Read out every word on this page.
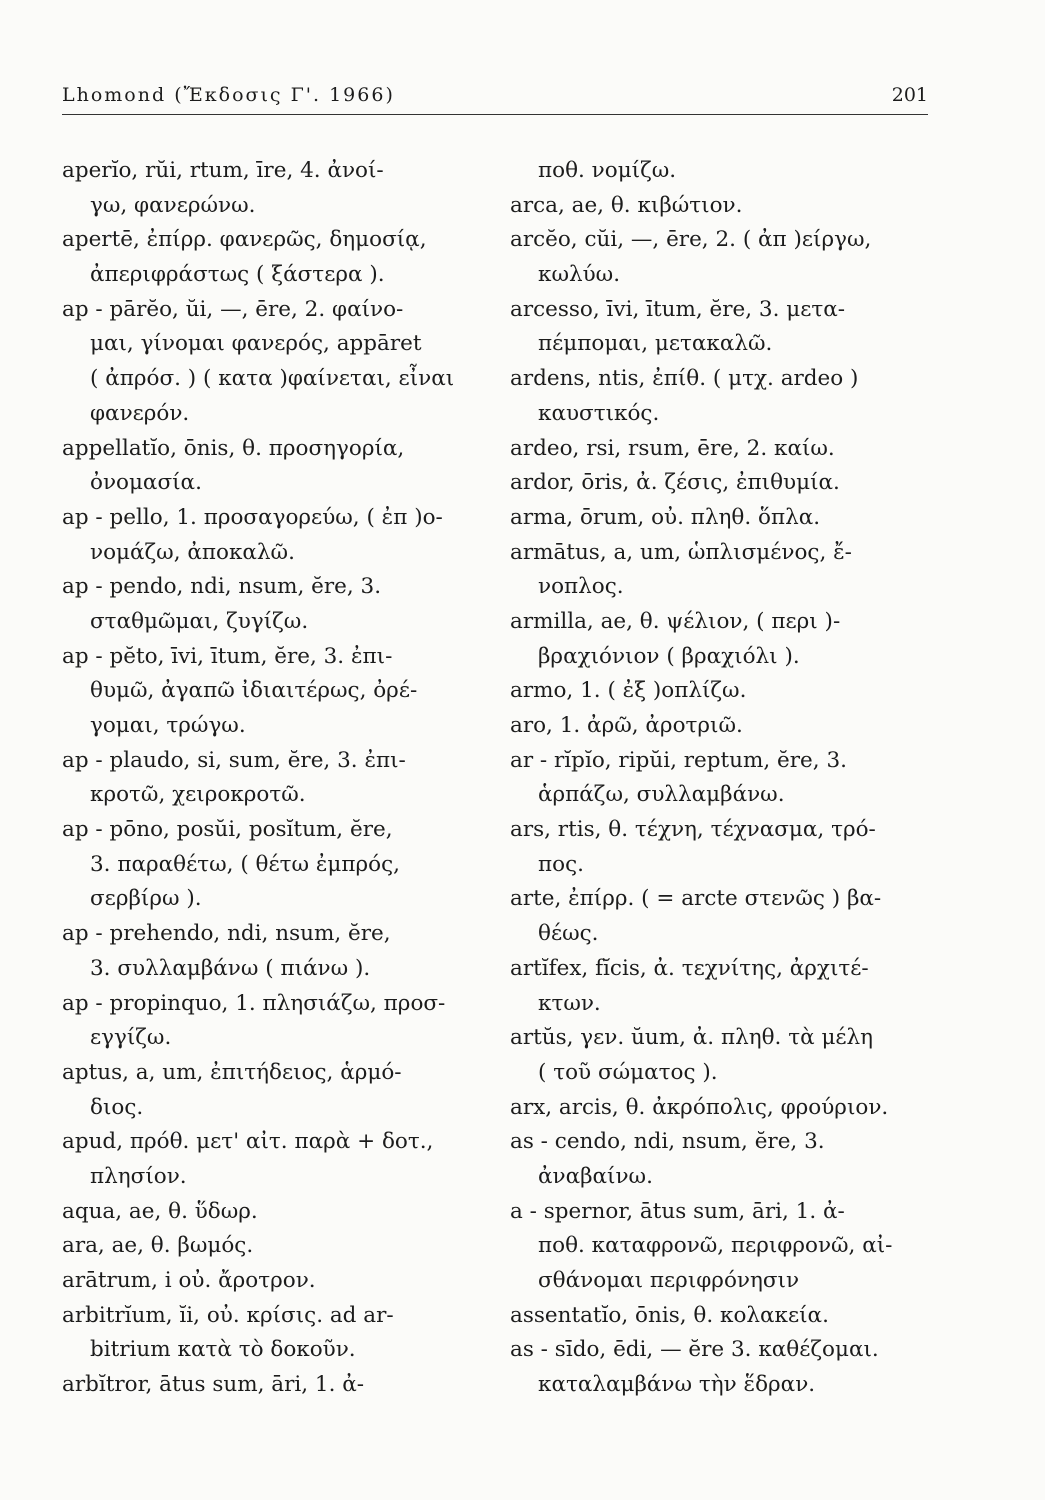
Lhomond (Ἔκδοσις Γ'. 1966)	201
aperĭo, rŭi, rtum, īre, 4. ἀνοί-
γω, φανερώνω.
apertē, ἐπίρρ. φανερῶς, δημοσίᾳ,
ἀπεριφράστως ( ξάστερα ).
ap - pārĕo, ŭi, —, ēre, 2. φαίνο-
μαι, γίνομαι φανερός, appāret
( ἀπρόσ. ) ( κατα )φαίνεται, εἶναι
φανερόν.
appellatĭo, ōnis, θ. προσηγορία,
ὀνομασία.
ap - pello, 1. προσαγορεύω, ( ἐπ )ο-
νομάζω, ἀποκαλῶ.
ap - pendo, ndi, nsum, ĕre, 3.
σταθμῶμαι, ζυγίζω.
ap - pĕto, īvi, ītum, ĕre, 3. ἐπι-
θυμῶ, ἀγαπῶ ἰδιαιτέρως, ὀρέ-
γομαι, τρώγω.
ap - plaudo, si, sum, ĕre, 3. ἐπι-
κροτῶ, χειροκροτῶ.
ap - pōno, posŭi, posĭtum, ĕre,
3. παραθέτω, ( θέτω ἐμπρός,
σερβίρω ).
ap - prehendo, ndi, nsum, ĕre,
3. συλλαμβάνω ( πιάνω ).
ap - propinquo, 1. πλησιάζω, προσ-
εγγίζω.
aptus, a, um, ἐπιτήδειος, ἁρμό-
διος.
apud, πρόθ. μετ' αἰτ. παρὰ + δοτ.,
πλησίον.
aqua, ae, θ. ὕδωρ.
ara, ae, θ. βωμός.
arātrum, i οὐ. ἄροτρον.
arbitrĭum, ĭi, οὐ. κρίσις. ad ar-
bitrium κατὰ τὸ δοκοῦν.
arbĭtror, ātus sum, āri, 1. ἀ-
ποθ. νομίζω.
arca, ae, θ. κιβώτιον.
arcĕo, cŭi, —, ēre, 2. ( ἀπ )είργω,
κωλύω.
arcesso, īvi, ītum, ĕre, 3. μετα-
πέμπομαι, μετακαλῶ.
ardens, ntis, ἐπίθ. ( μτχ. ardeo )
καυστικός.
ardeo, rsi, rsum, ēre, 2. καίω.
ardor, ōris, ἀ. ζέσις, ἐπιθυμία.
arma, ōrum, οὐ. πληθ. ὅπλα.
armātus, a, um, ὡπλισμένος, ἔ-
νοπλος.
armilla, ae, θ. ψέλιον, ( περι )-
βραχιόνιον ( βραχιόλι ).
armo, 1. ( ἐξ )οπλίζω.
aro, 1. ἀρῶ, ἀροτριῶ.
ar - rĭpĭo, ripŭi, reptum, ĕre, 3.
ἁρπάζω, συλλαμβάνω.
ars, rtis, θ. τέχνη, τέχνασμα, τρό-
πος.
arte, ἐπίρρ. ( = arcte στενῶς ) βα-
θέως.
artĭfex, fĭcis, ἀ. τεχνίτης, ἀρχιτέ-
κτων.
artŭs, γεν. ŭum, ἀ. πληθ. τὰ μέλη
( τοῦ σώματος ).
arx, arcis, θ. ἀκρόπολις, φρούριον.
as - cendo, ndi, nsum, ĕre, 3.
ἀναβαίνω.
a - spernor, ātus sum, āri, 1. ἀ-
ποθ. καταφρονῶ, περιφρονῶ, αἰ-
σθάνομαι περιφρόνησιν
assentatĭo, ōnis, θ. κολακεία.
as - sīdo, ēdi, — ĕre 3. καθέζομαι.
καταλαμβάνω τὴν ἕδραν.
